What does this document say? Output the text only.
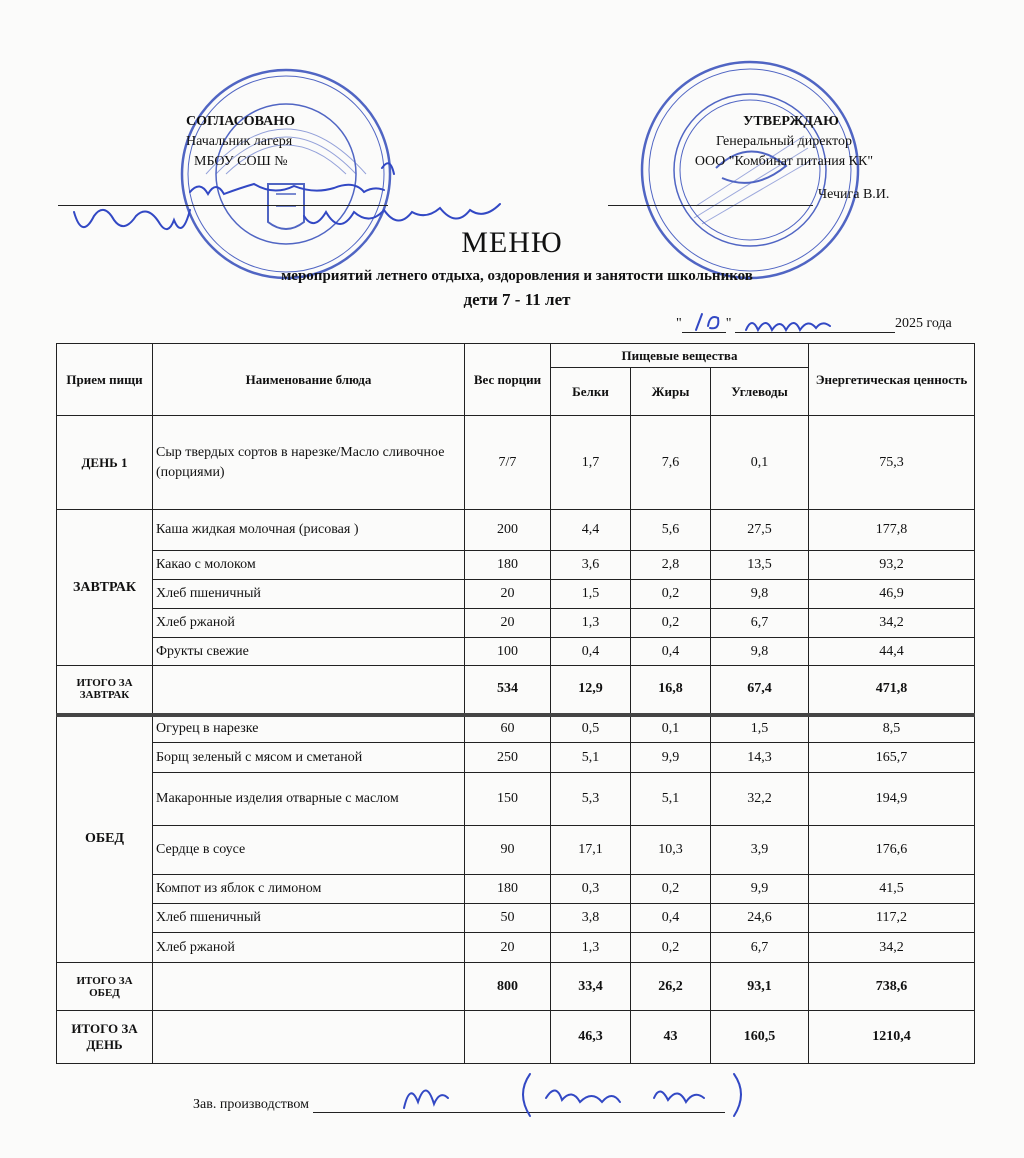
СОГЛАСОВАНО
Начальник лагеря
МБОУ СОШ №
УТВЕРЖДАЮ
Генеральный директор
ООО "Комбинат питания КК"
Чечига В.И.
МЕНЮ
мероприятий летнего отдыха, оздоровления и занятости школьников
дети 7 - 11 лет
"	"	2025 года
Прием пищи	Наименование блюда	Вес порции	Пищевые вещества			Энергетическая ценность
			Белки	Жиры	Углеводы	
ДЕНЬ 1	Сыр твердых сортов в нарезке/Масло сливочное (порциями)	7/7	1,7	7,6	0,1	75,3
ЗАВТРАК	Каша жидкая молочная (рисовая )	200	4,4	5,6	27,5	177,8
	Какао с молоком	180	3,6	2,8	13,5	93,2
	Хлеб пшеничный	20	1,5	0,2	9,8	46,9
	Хлеб ржаной	20	1,3	0,2	6,7	34,2
	Фрукты свежие	100	0,4	0,4	9,8	44,4
ИТОГО ЗА ЗАВТРАК		534	12,9	16,8	67,4	471,8
ОБЕД	Огурец в нарезке	60	0,5	0,1	1,5	8,5
	Борщ зеленый с мясом и сметаной	250	5,1	9,9	14,3	165,7
	Макаронные изделия отварные с маслом	150	5,3	5,1	32,2	194,9
	Сердце в соусе	90	17,1	10,3	3,9	176,6
	Компот из яблок с лимоном	180	0,3	0,2	9,9	41,5
	Хлеб пшеничный	50	3,8	0,4	24,6	117,2
	Хлеб ржаной	20	1,3	0,2	6,7	34,2
ИТОГО ЗА ОБЕД		800	33,4	26,2	93,1	738,6
ИТОГО ЗА ДЕНЬ			46,3	43	160,5	1210,4
Зав. производством
